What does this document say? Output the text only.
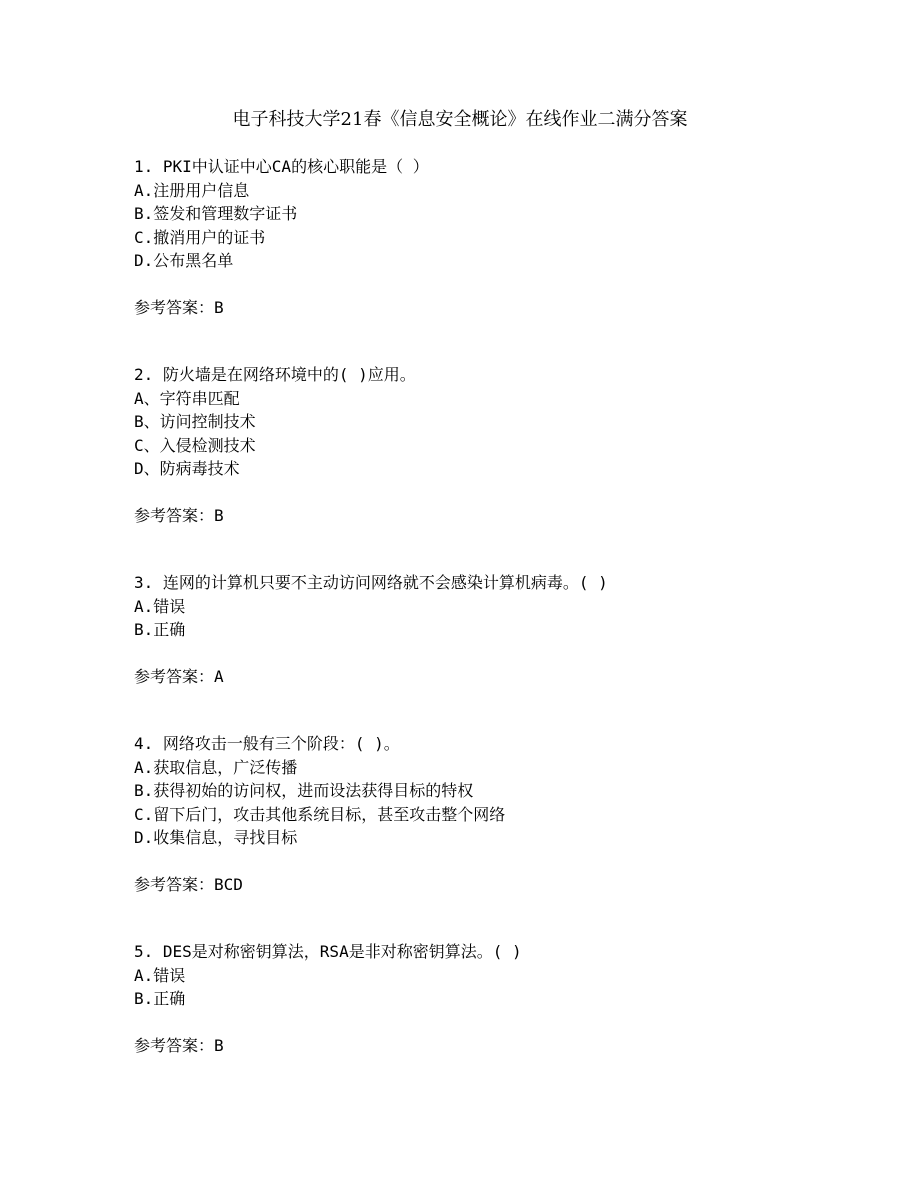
电子科技大学21春《信息安全概论》在线作业二满分答案
1. PKI中认证中心CA的核心职能是（ ）
A.注册用户信息
B.签发和管理数字证书
C.撤消用户的证书
D.公布黑名单
参考答案：B
2. 防火墙是在网络环境中的( )应用。
A、字符串匹配
B、访问控制技术
C、入侵检测技术
D、防病毒技术
参考答案：B
3. 连网的计算机只要不主动访问网络就不会感染计算机病毒。( )
A.错误
B.正确
参考答案：A
4. 网络攻击一般有三个阶段：( )。
A.获取信息，广泛传播
B.获得初始的访问权，进而设法获得目标的特权
C.留下后门，攻击其他系统目标，甚至攻击整个网络
D.收集信息，寻找目标
参考答案：BCD
5. DES是对称密钥算法，RSA是非对称密钥算法。( )
A.错误
B.正确
参考答案：B
